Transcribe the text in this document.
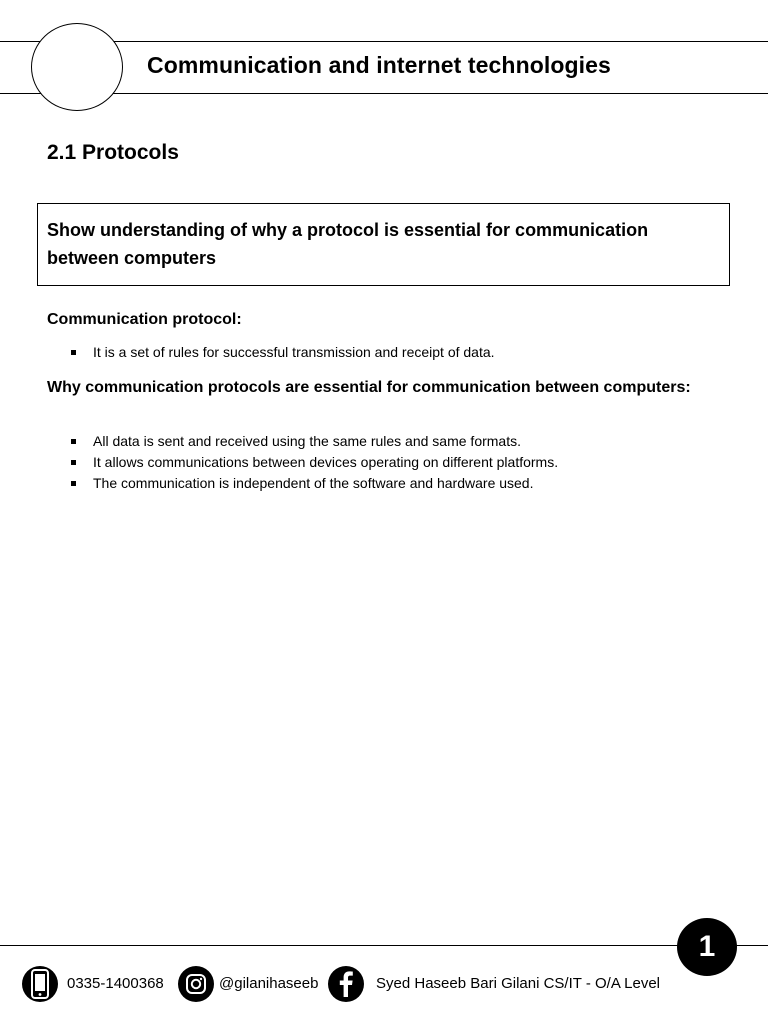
Communication and internet technologies
2.1 Protocols
Show understanding of why a protocol is essential for communication between computers
Communication protocol:
It is a set of rules for successful transmission and receipt of data.
Why communication protocols are essential for communication between computers:
All data is sent and received using the same rules and same formats.
It allows communications between devices operating on different platforms.
The communication is independent of the software and hardware used.
1
0335-1400368	@gilanihaseeb	Syed Haseeb Bari Gilani CS/IT - O/A Level
